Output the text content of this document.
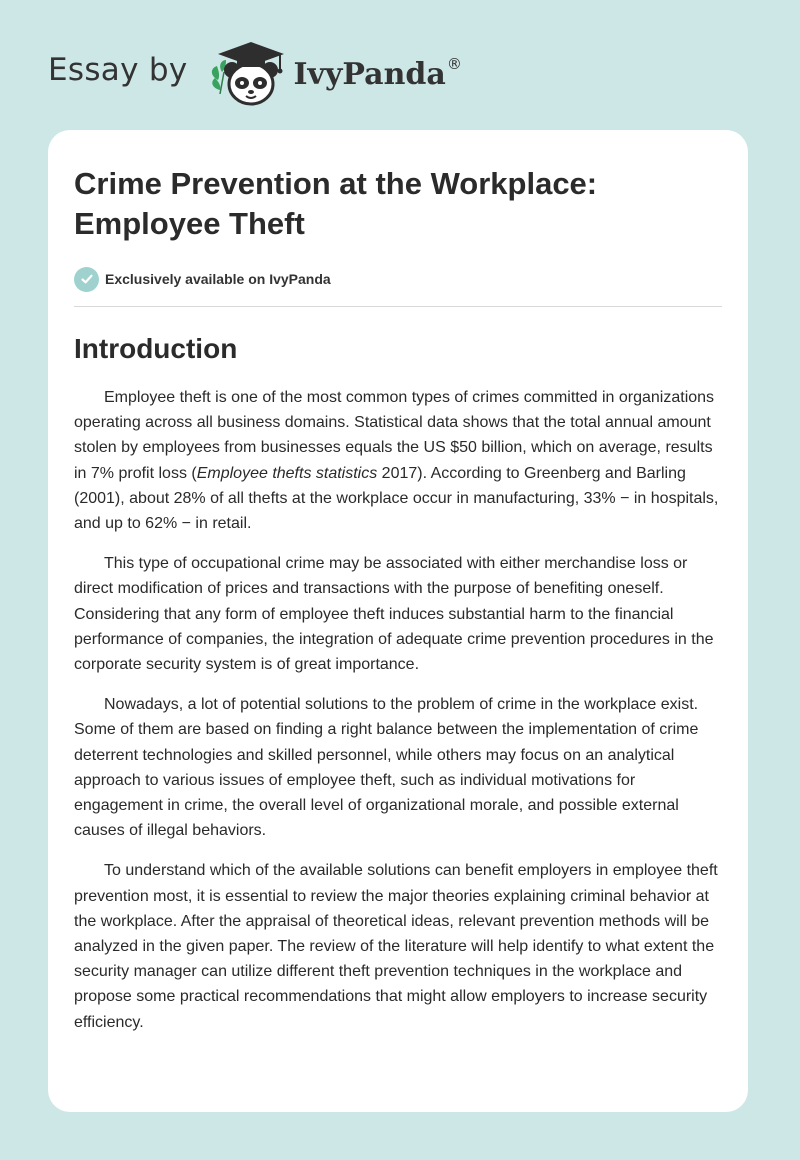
Essay by	IvyPanda®
Crime Prevention at the Workplace: Employee Theft
Exclusively available on IvyPanda
Introduction

Employee theft is one of the most common types of crimes committed in organizations operating across all business domains. Statistical data shows that the total annual amount stolen by employees from businesses equals the US $50 billion, which on average, results in 7% profit loss (Employee thefts statistics 2017). According to Greenberg and Barling (2001), about 28% of all thefts at the workplace occur in manufacturing, 33% − in hospitals, and up to 62% − in retail.

This type of occupational crime may be associated with either merchandise loss or direct modification of prices and transactions with the purpose of benefiting oneself. Considering that any form of employee theft induces substantial harm to the financial performance of companies, the integration of adequate crime prevention procedures in the corporate security system is of great importance.

Nowadays, a lot of potential solutions to the problem of crime in the workplace exist. Some of them are based on finding a right balance between the implementation of crime deterrent technologies and skilled personnel, while others may focus on an analytical approach to various issues of employee theft, such as individual motivations for engagement in crime, the overall level of organizational morale, and possible external causes of illegal behaviors.

To understand which of the available solutions can benefit employers in employee theft prevention most, it is essential to review the major theories explaining criminal behavior at the workplace. After the appraisal of theoretical ideas, relevant prevention methods will be analyzed in the given paper. The review of the literature will help identify to what extent the security manager can utilize different theft prevention techniques in the workplace and propose some practical recommendations that might allow employers to increase security efficiency.
